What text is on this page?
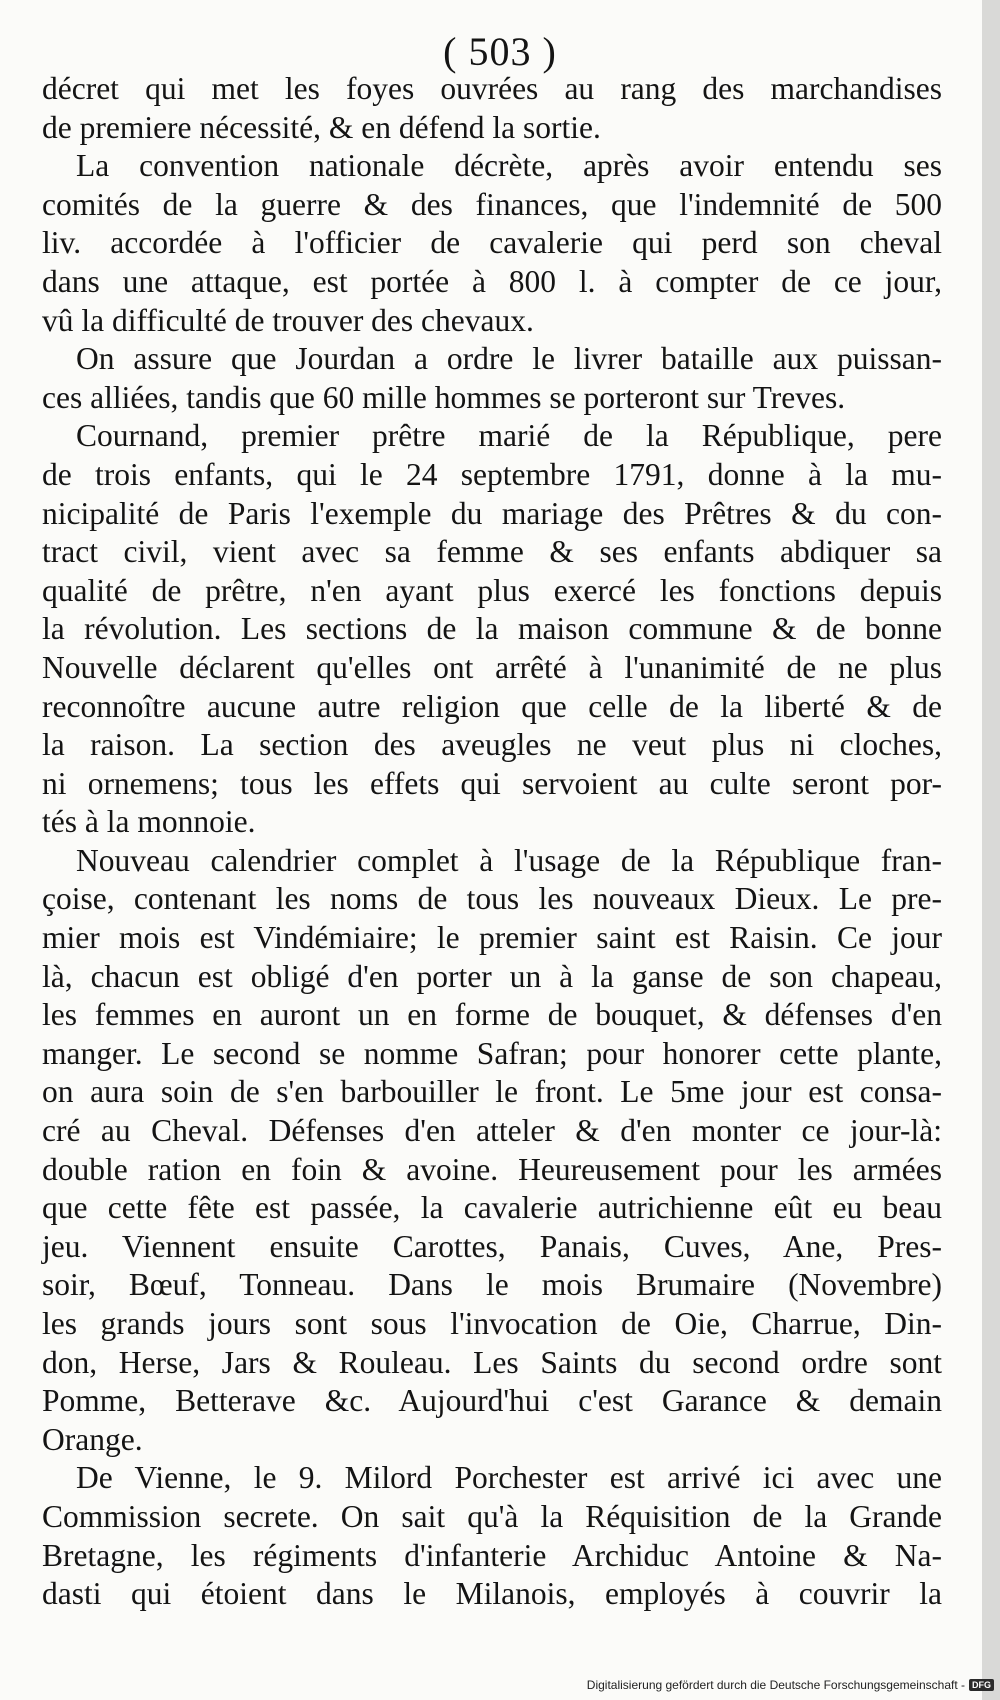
( 503 )
décret qui met les foyes ouvrées au rang des marchandises
de premiere nécessité, & en défend la sortie.
La convention nationale décrète, après avoir entendu ses
comités de la guerre & des finances, que l'indemnité de 500
liv. accordée à l'officier de cavalerie qui perd son cheval
dans une attaque, est portée à 800 l. à compter de ce jour,
vû la difficulté de trouver des chevaux.
On assure que Jourdan a ordre le livrer bataille aux puissan-
ces alliées, tandis que 60 mille hommes se porteront sur Treves.
Cournand, premier prêtre marié de la République, pere
de trois enfants, qui le 24 septembre 1791, donne à la mu-
nicipalité de Paris l'exemple du mariage des Prêtres & du con-
tract civil, vient avec sa femme & ses enfants abdiquer sa
qualité de prêtre, n'en ayant plus exercé les fonctions depuis
la révolution. Les sections de la maison commune & de bonne
Nouvelle déclarent qu'elles ont arrêté à l'unanimité de ne plus
reconnoître aucune autre religion que celle de la liberté & de
la raison. La section des aveugles ne veut plus ni cloches,
ni ornemens; tous les effets qui servoient au culte seront por-
tés à la monnoie.
Nouveau calendrier complet à l'usage de la République fran-
çoise, contenant les noms de tous les nouveaux Dieux. Le pre-
mier mois est Vindémiaire; le premier saint est Raisin. Ce jour
là, chacun est obligé d'en porter un à la ganse de son chapeau,
les femmes en auront un en forme de bouquet, & défenses d'en
manger. Le second se nomme Safran; pour honorer cette plante,
on aura soin de s'en barbouiller le front. Le 5me jour est consa-
cré au Cheval. Défenses d'en atteler & d'en monter ce jour-là:
double ration en foin & avoine. Heureusement pour les armées
que cette fête est passée, la cavalerie autrichienne eût eu beau
jeu. Viennent ensuite Carottes, Panais, Cuves, Ane, Pres-
soir, Bœuf, Tonneau. Dans le mois Brumaire (Novembre)
les grands jours sont sous l'invocation de Oie, Charrue, Din-
don, Herse, Jars & Rouleau. Les Saints du second ordre sont
Pomme, Betterave &c. Aujourd'hui c'est Garance & demain
Orange.
De Vienne, le 9. Milord Porchester est arrivé ici avec une
Commission secrete. On sait qu'à la Réquisition de la Grande
Bretagne, les régiments d'infanterie Archiduc Antoine & Na-
dasti qui étoient dans le Milanois, employés à couvrir la
Digitalisierung gefördert durch die Deutsche Forschungsgemeinschaft - DFG
